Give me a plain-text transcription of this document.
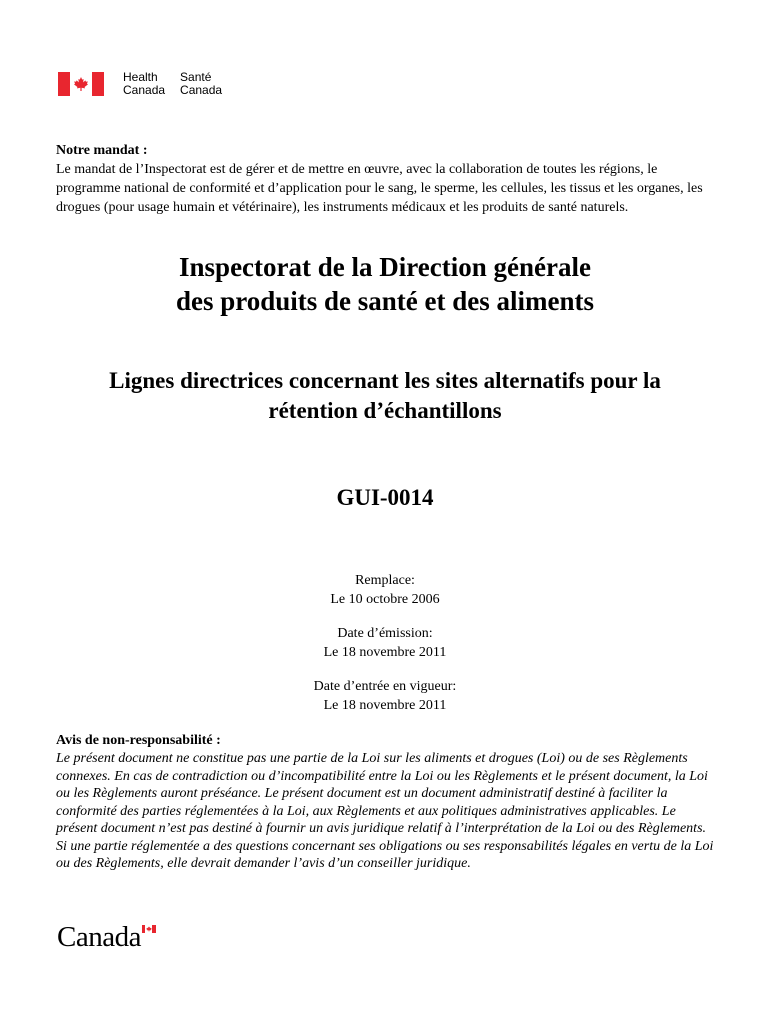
Health
Canada
Santé
Canada
Notre mandat :
Le mandat de l’Inspectorat est de gérer et de mettre en œuvre, avec la collaboration de toutes les régions, le programme national de conformité et d’application pour le sang, le sperme, les cellules, les tissus et les organes, les drogues (pour usage humain et vétérinaire), les instruments médicaux et les produits de santé naturels.
Inspectorat de la Direction générale
des produits de santé et des aliments
Lignes directrices concernant les sites alternatifs pour la
rétention d’échantillons
GUI-0014
Remplace:
Le 10 octobre 2006
Date d’émission:
Le 18 novembre 2011
Date d’entrée en vigueur:
Le 18 novembre 2011
Avis de non-responsabilité :
Le présent document ne constitue pas une partie de la Loi sur les aliments et drogues (Loi) ou de ses Règlements connexes. En cas de contradiction ou d’incompatibilité entre la Loi ou les Règlements et le présent document, la Loi ou les Règlements auront préséance. Le présent document est un document administratif destiné à faciliter la conformité des parties réglementées à la Loi, aux Règlements et aux politiques administratives applicables. Le présent document n’est pas destiné à fournir un avis juridique relatif à l’interprétation de la Loi ou des Règlements. Si une partie réglementée a des questions concernant ses obligations ou ses responsabilités légales en vertu de la Loi ou des Règlements, elle devrait demander l’avis d’un conseiller juridique.
Canada
